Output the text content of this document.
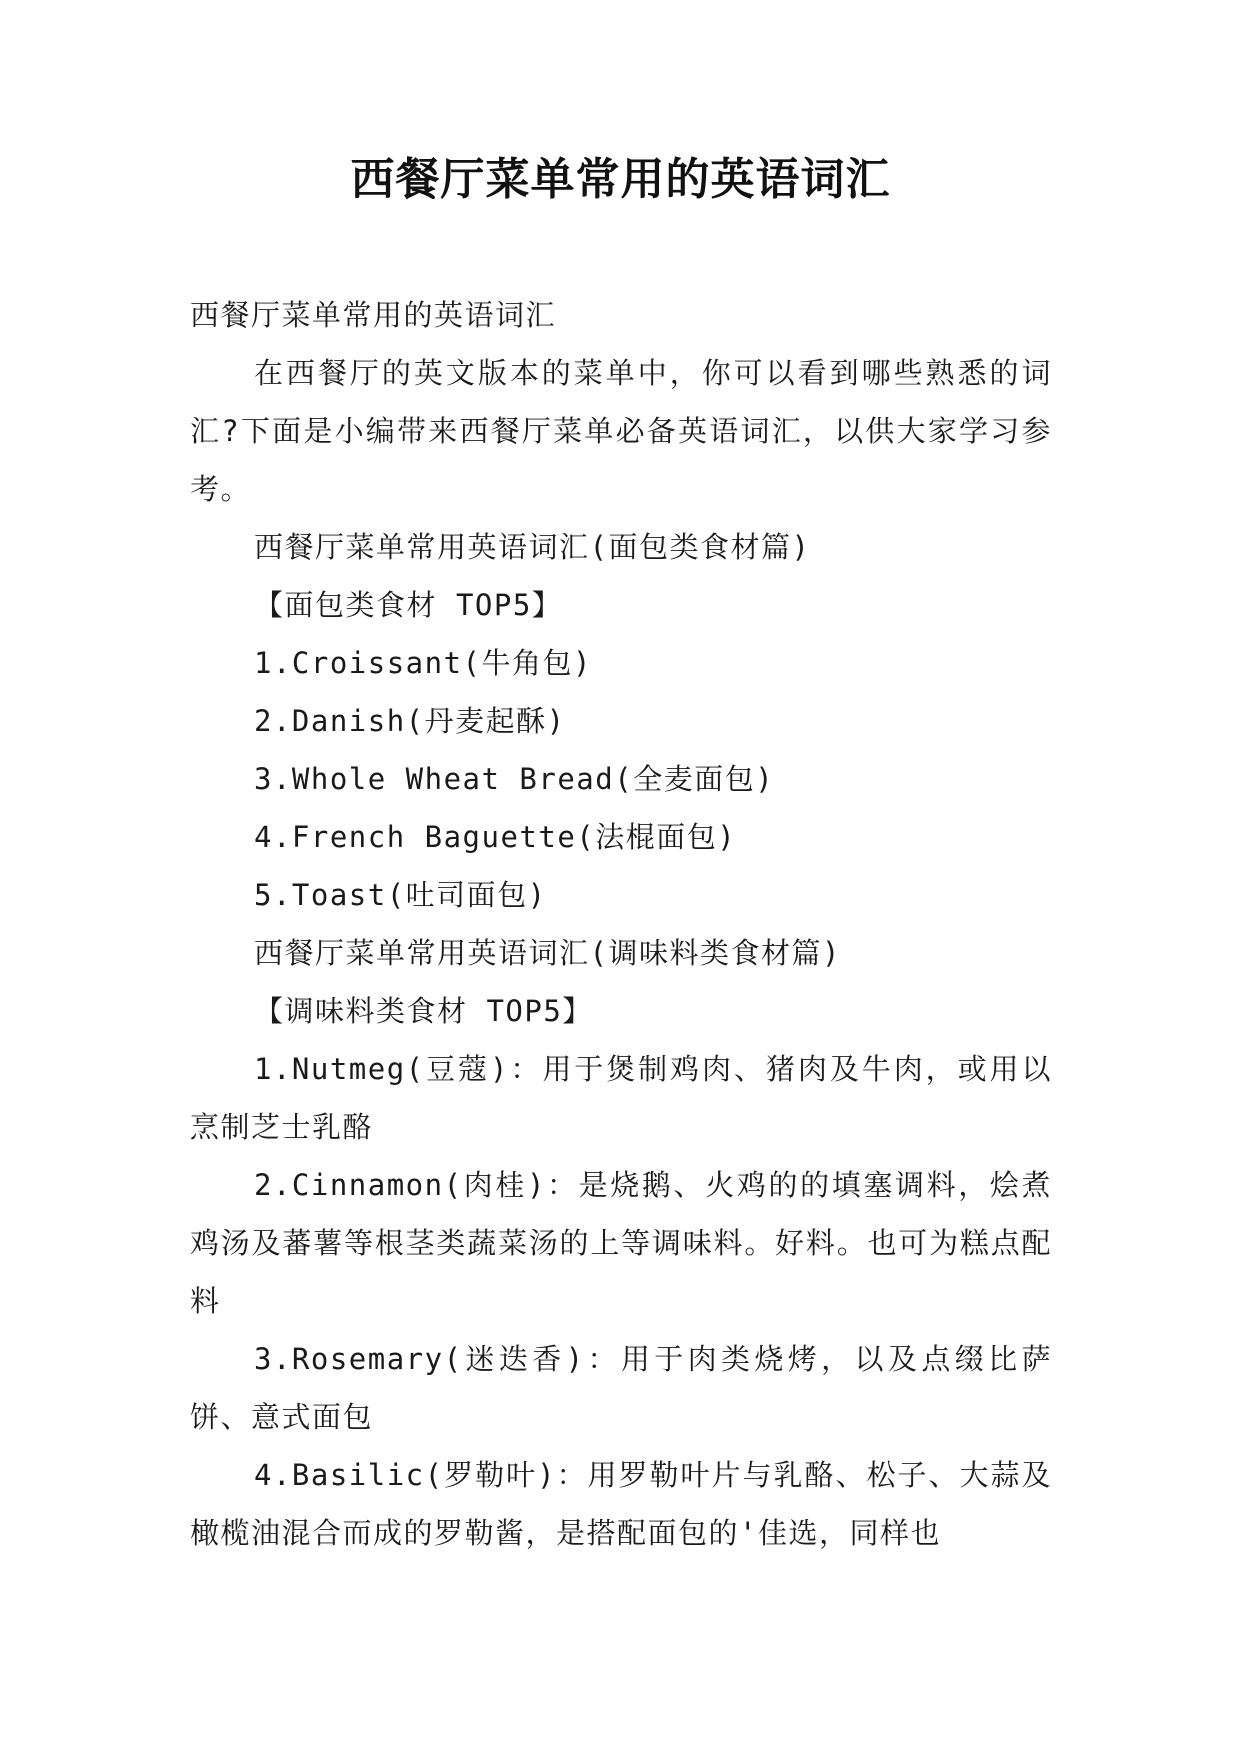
西餐厅菜单常用的英语词汇

西餐厅菜单常用的英语词汇

在西餐厅的英文版本的菜单中，你可以看到哪些熟悉的词汇?下面是小编带来西餐厅菜单必备英语词汇，以供大家学习参考。

西餐厅菜单常用英语词汇(面包类食材篇)

【面包类食材 TOP5】

1.Croissant(牛角包)

2.Danish(丹麦起酥)

3.Whole Wheat Bread(全麦面包)

4.French Baguette(法棍面包)

5.Toast(吐司面包)

西餐厅菜单常用英语词汇(调味料类食材篇)

【调味料类食材 TOP5】

1.Nutmeg(豆蔻)：用于煲制鸡肉、猪肉及牛肉，或用以烹制芝士乳酪

2.Cinnamon(肉桂)：是烧鹅、火鸡的的填塞调料，烩煮鸡汤及蕃薯等根茎类蔬菜汤的上等调味料。好料。也可为糕点配料

3.Rosemary(迷迭香)：用于肉类烧烤，以及点缀比萨饼、意式面包

4.Basilic(罗勒叶)：用罗勒叶片与乳酪、松子、大蒜及橄榄油混合而成的罗勒酱，是搭配面包的'佳选，同样也
